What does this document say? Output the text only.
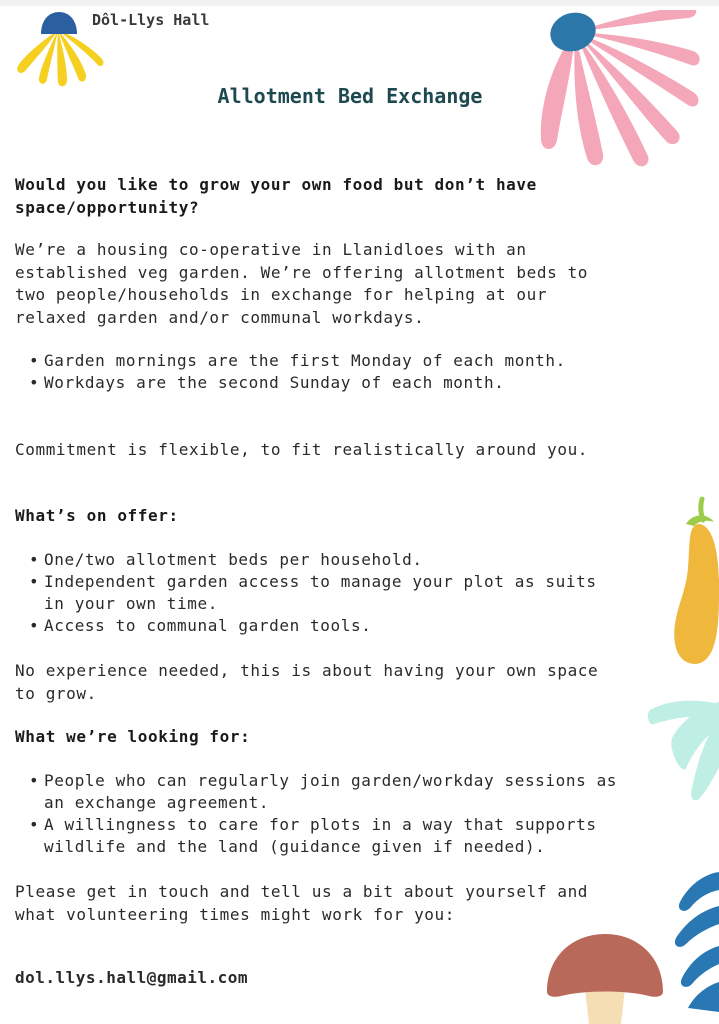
Dôl-Llys Hall
Allotment Bed Exchange
Would you like to grow your own food but don’t have
space/opportunity?
We’re a housing co-operative in Llanidloes with an
established veg garden. We’re offering allotment beds to
two people/households in exchange for helping at our
relaxed garden and/or communal workdays.
• Garden mornings are the first Monday of each month.
• Workdays are the second Sunday of each month.
Commitment is flexible, to fit realistically around you.
What’s on offer:
• One/two allotment beds per household.
• Independent garden access to manage your plot as suits
in your own time.
• Access to communal garden tools.
No experience needed, this is about having your own space
to grow.
What we’re looking for:
• People who can regularly join garden/workday sessions as
an exchange agreement.
• A willingness to care for plots in a way that supports
wildlife and the land (guidance given if needed).
Please get in touch and tell us a bit about yourself and
what volunteering times might work for you:
dol.llys.hall@gmail.com
